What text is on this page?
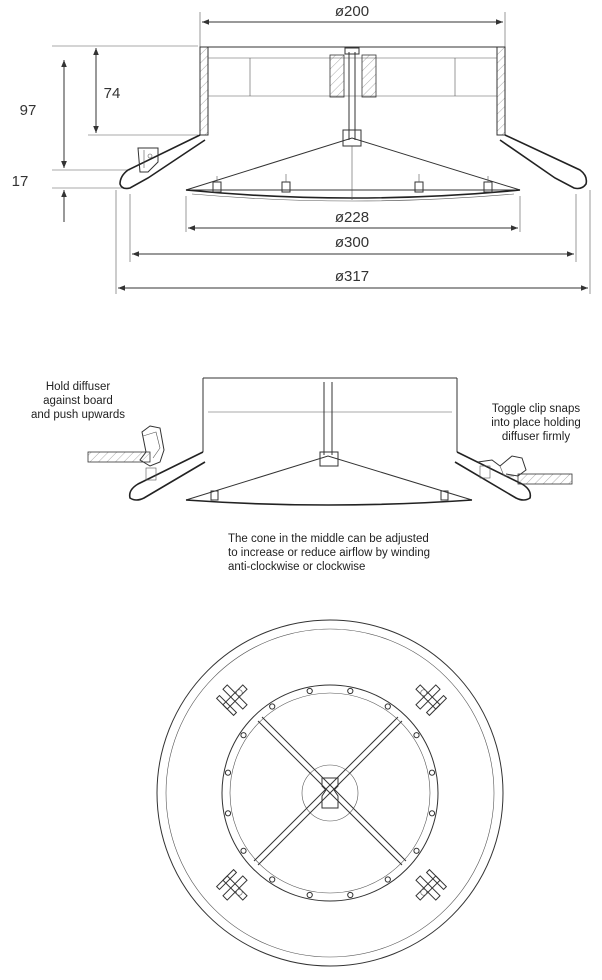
ø200
97
74
17
ø228
ø300
ø317
Hold diffuser
against board
and push upwards	Toggle clip snaps
into place holding
diffuser firmly
The cone in the middle can be adjusted
to increase or reduce airflow by winding
anti-clockwise or clockwise
